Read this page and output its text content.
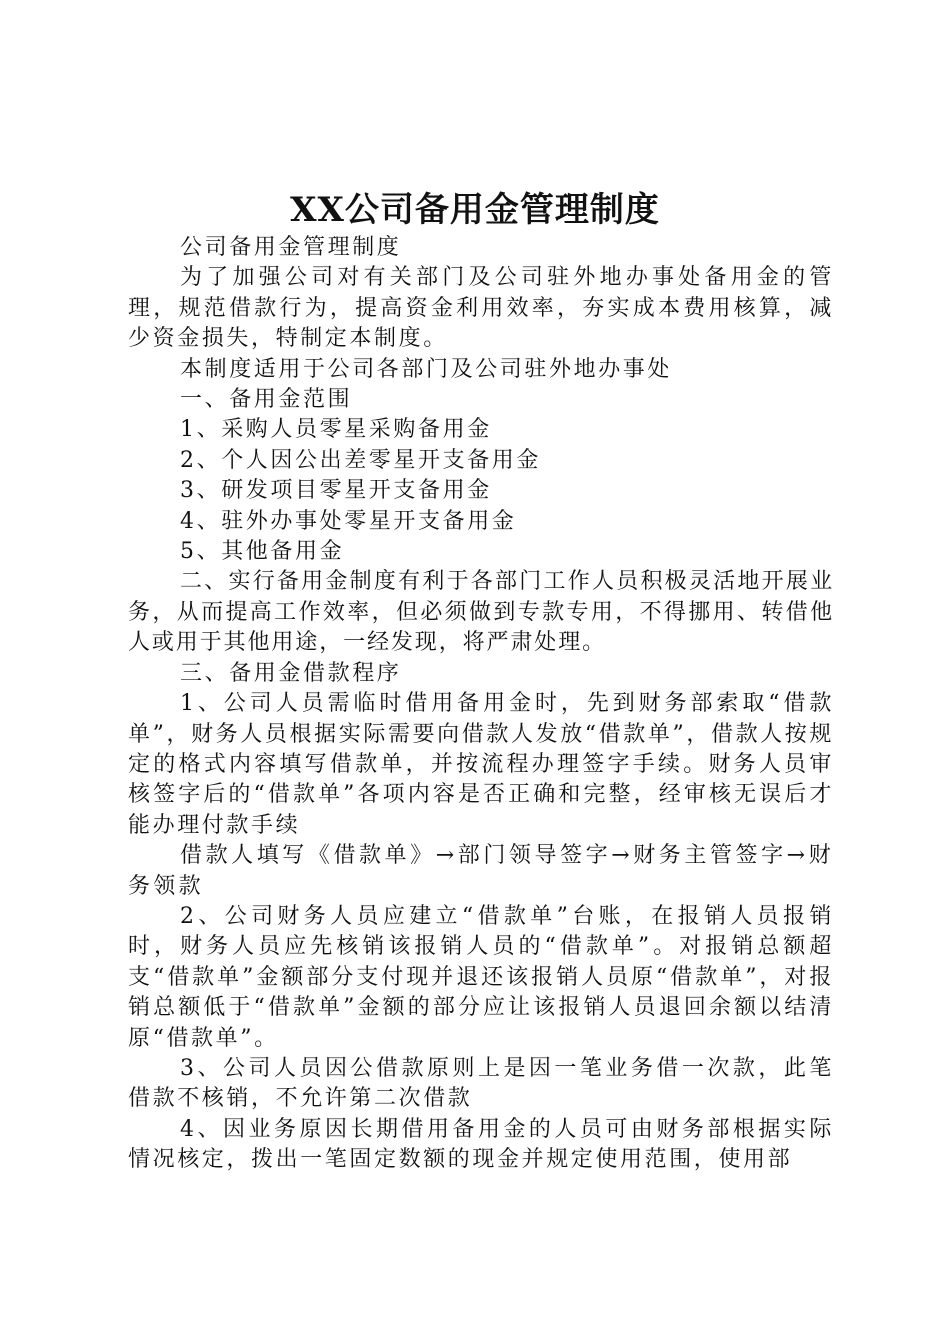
XX公司备用金管理制度

公司备用金管理制度

为了加强公司对有关部门及公司驻外地办事处备用金的管理，规范借款行为，提高资金利用效率，夯实成本费用核算，减少资金损失，特制定本制度。

本制度适用于公司各部门及公司驻外地办事处

一、备用金范围

1、采购人员零星采购备用金

2、个人因公出差零星开支备用金

3、研发项目零星开支备用金

4、驻外办事处零星开支备用金

5、其他备用金

二、实行备用金制度有利于各部门工作人员积极灵活地开展业务，从而提高工作效率，但必须做到专款专用，不得挪用、转借他人或用于其他用途，一经发现，将严肃处理。

三、备用金借款程序

1、公司人员需临时借用备用金时，先到财务部索取“借款单”，财务人员根据实际需要向借款人发放“借款单”，借款人按规定的格式内容填写借款单，并按流程办理签字手续。财务人员审核签字后的“借款单”各项内容是否正确和完整，经审核无误后才能办理付款手续

借款人填写《借款单》→部门领导签字→财务主管签字→财务领款

2、公司财务人员应建立“借款单”台账，在报销人员报销时，财务人员应先核销该报销人员的“借款单”。对报销总额超支“借款单”金额部分支付现并退还该报销人员原“借款单”，对报销总额低于“借款单”金额的部分应让该报销人员退回余额以结清原“借款单”。

3、公司人员因公借款原则上是因一笔业务借一次款，此笔借款不核销，不允许第二次借款

4、因业务原因长期借用备用金的人员可由财务部根据实际情况核定，拨出一笔固定数额的现金并规定使用范围，使用部
